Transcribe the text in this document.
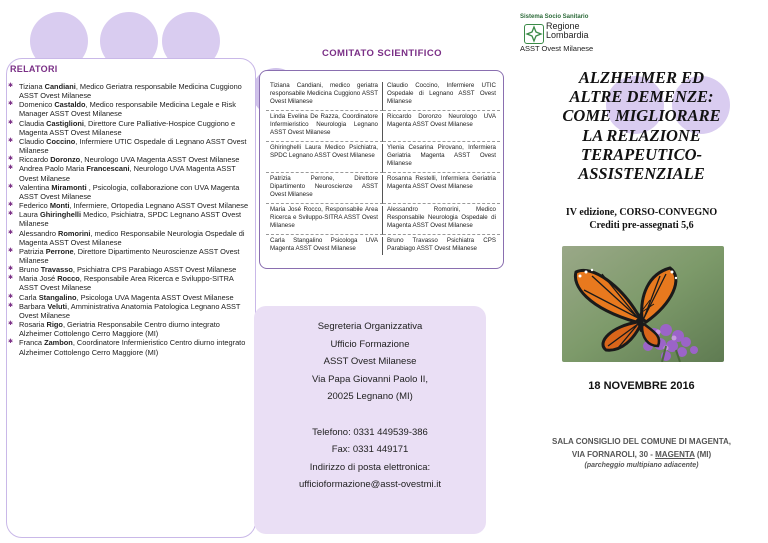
RELATORI
✱ Tiziana Candiani, Medico Geriatra responsabile Medicina Cuggiono ASST Ovest Milanese
✱ Domenico Castaldo, Medico responsabile Medicina Legale e Risk Manager ASST Ovest Milanese
✱ Claudia Castiglioni, Direttore Cure Palliative-Hospice Cuggiono e Magenta ASST Ovest Milanese
✱ Claudio Coccino, Infermiere UTIC Ospedale di Legnano ASST Ovest Milanese
✱ Riccardo Doronzo, Neurologo UVA Magenta ASST Ovest Milanese
✱ Andrea Paolo Maria Francescani, Neurologo UVA Magenta ASST Ovest Milanese
✱ Valentina Miramonti , Psicologia, collaborazione con UVA Magenta ASST Ovest Milanese
✱ Federico Monti, Infermiere, Ortopedia Legnano ASST Ovest Milanese
✱ Laura Ghiringhelli Medico, Psichiatra, SPDC Legnano ASST Ovest Milanese
✱ Alessandro Romorini, medico Responsabile Neurologia Ospedale di Magenta ASST Ovest Milanese
✱ Patrizia Perrone, Direttore Dipartimento Neuroscienze ASST Ovest Milanese
✱ Bruno Travasso, Psichiatra CPS Parabiago ASST Ovest Milanese
✱ Maria José Rocco, Responsabile Area Ricerca e Sviluppo-SITRA ASST Ovest Milanese
✱ Carla Stangalino, Psicologa UVA Magenta ASST Ovest Milanese
✱ Barbara Veluti, Amministrativa Anatomia Patologica Legnano ASST Ovest Milanese
✱ Rosaria Rigo, Geriatria Responsabile Centro diurno integrato Alzheimer Cottolengo Cerro Maggiore (MI)
✱ Franca Zambon, Coordinatore Infermieristico Centro diurno integrato Alzheimer Cottolengo Cerro Maggiore (MI)
COMITATO SCIENTIFICO
Tiziana Candiani, medico geriatra responsabile Medicina Cuggiono ASST Ovest Milanese
Claudio Coccino, Infermiere UTIC Ospedale di Legnano ASST Ovest Milanese
Linda Evelina De Razza, Coordinatore Infermieristico Neurologia Legnano ASST Ovest Milanese
Riccardo Doronzo Neurologo UVA Magenta ASST Ovest Milanese
Ghiringhelli Laura Medico Psichiatra, SPDC Legnano ASST Ovest Milanese
Ylenia Cesarina Pirovano, Infermiera Geriatria Magenta ASST Ovest Milanese
Patrizia Perrone, Direttore Dipartimento Neuroscienze ASST Ovest Milanese
Rosanna Restelli, Infermiera Geriatria Magenta ASST Ovest Milanese
Maria José Rocco, Responsabile Area Ricerca e Sviluppo-SITRA ASST Ovest Milanese
Alessandro Romorini, Medico Responsabile Neurologia Ospedale di Magenta ASST Ovest Milanese
Carla Stangalino Psicologa UVA Magenta ASST Ovest Milanese
Bruno Travasso Psichiatra CPS Parabiago ASST Ovest Milanese
Segreteria Organizzativa
Ufficio Formazione
ASST Ovest Milanese
Via Papa Giovanni Paolo II,
20025 Legnano (MI)
Telefono: 0331 449539-386
Fax: 0331 449171
Indirizzo di posta elettronica:
ufficioformazione@asst-ovestmi.it
Sistema Socio Sanitario
Regione
Lombardia
ASST Ovest Milanese
ALZHEIMER ED
ALTRE DEMENZE:
COME MIGLIORARE
LA RELAZIONE
TERAPEUTICO-
ASSISTENZIALE
IV edizione, CORSO-CONVEGNO
Crediti pre-assegnati 5,6
18 NOVEMBRE 2016
SALA CONSIGLIO DEL COMUNE DI MAGENTA,
VIA FORNAROLI, 30 - MAGENTA (MI)
(parcheggio multipiano adiacente)
